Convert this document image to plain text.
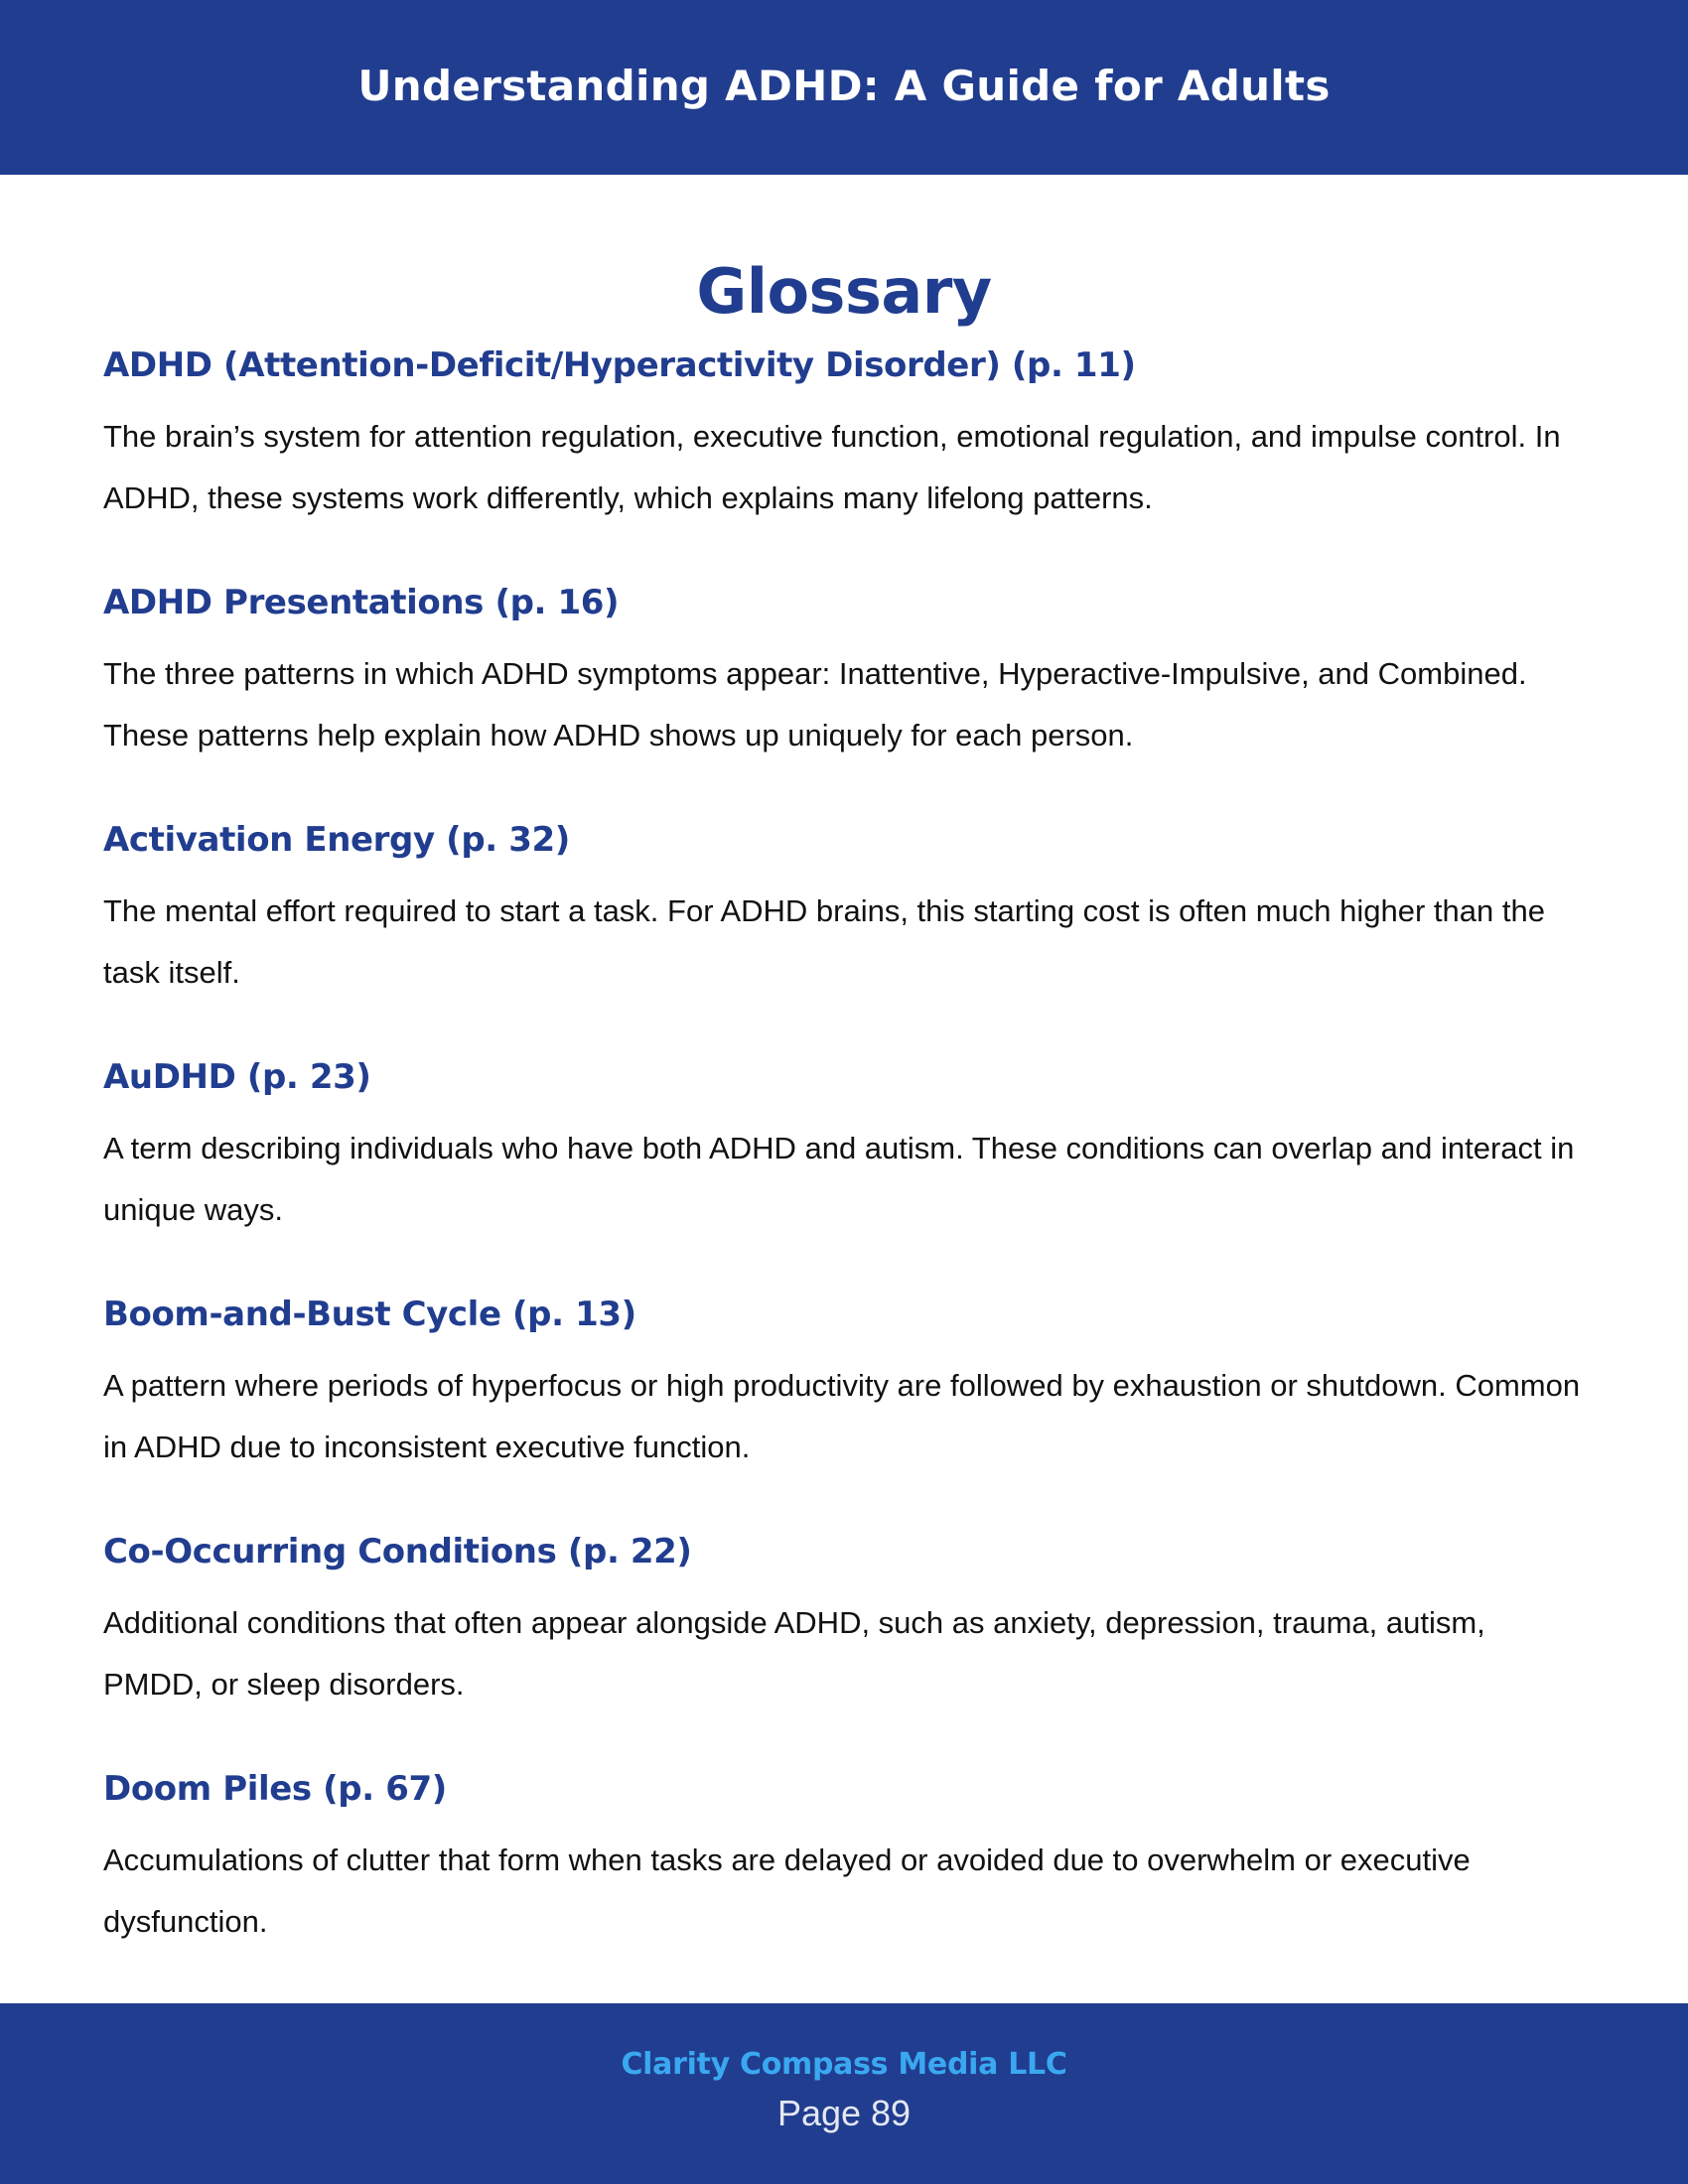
Understanding ADHD: A Guide for Adults
Glossary
ADHD (Attention-Deficit/Hyperactivity Disorder) (p. 11)
The brain’s system for attention regulation, executive function, emotional regulation, and impulse control. In ADHD, these systems work differently, which explains many lifelong patterns.
ADHD Presentations (p. 16)
The three patterns in which ADHD symptoms appear: Inattentive, Hyperactive-Impulsive, and Combined. These patterns help explain how ADHD shows up uniquely for each person.
Activation Energy (p. 32)
The mental effort required to start a task. For ADHD brains, this starting cost is often much higher than the task itself.
AuDHD (p. 23)
A term describing individuals who have both ADHD and autism. These conditions can overlap and interact in unique ways.
Boom-and-Bust Cycle (p. 13)
A pattern where periods of hyperfocus or high productivity are followed by exhaustion or shutdown. Common in ADHD due to inconsistent executive function.
Co-Occurring Conditions (p. 22)
Additional conditions that often appear alongside ADHD, such as anxiety, depression, trauma, autism, PMDD, or sleep disorders.
Doom Piles (p. 67)
Accumulations of clutter that form when tasks are delayed or avoided due to overwhelm or executive dysfunction.
Clarity Compass Media LLC
Page 89
